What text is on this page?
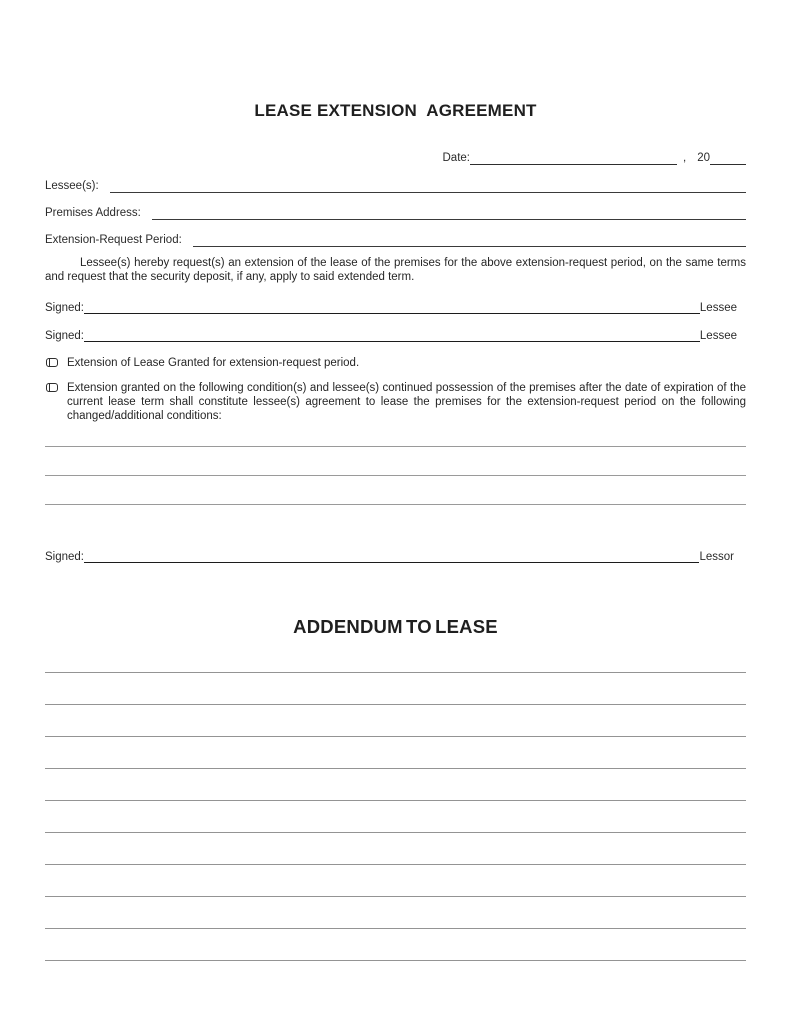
LEASE EXTENSION  AGREEMENT
Date:	, 20
Lessee(s):
Premises Address:
Extension-Request Period:
Lessee(s) hereby request(s) an extension of the lease of the premises for the above extension-request period, on the same terms and request that the security deposit, if any, apply to said extended term.
Signed:	Lessee
Signed:	Lessee
Extension of Lease Granted for extension-request period.
Extension granted on the following condition(s) and lessee(s) continued possession of the premises after the date of expiration of the current lease term shall constitute lessee(s) agreement to lease the premises for the extension-request period on the following changed/additional conditions:
Signed:	Lessor
ADDENDUM TO LEASE
